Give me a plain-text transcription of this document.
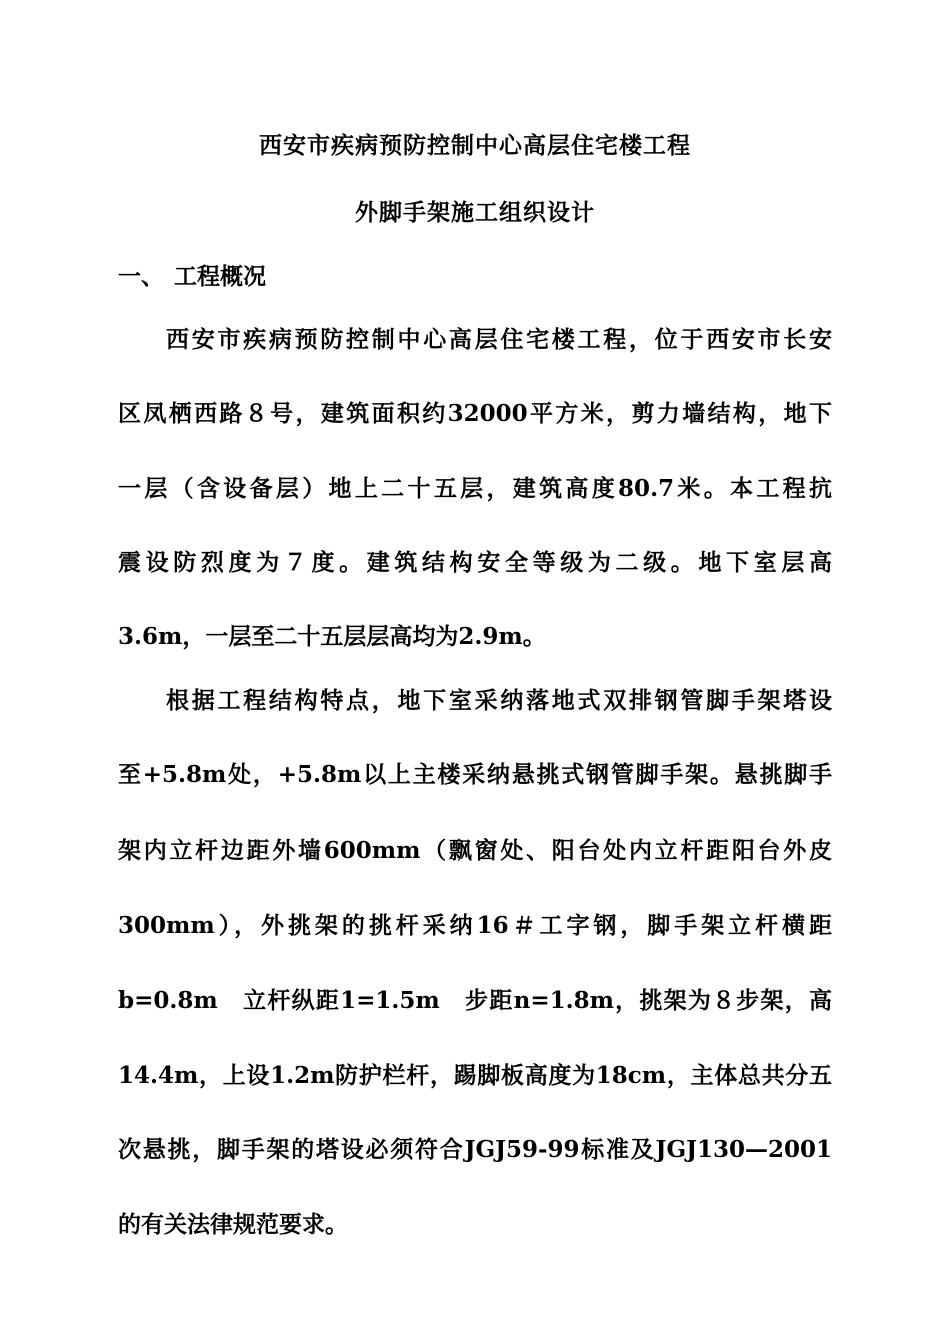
西安市疾病预防控制中心高层住宅楼工程
外脚手架施工组织设计
一、 工程概况
西安市疾病预防控制中心高层住宅楼工程，位于西安市长安
区凤栖西路８号，建筑面积约32000平方米，剪力墙结构，地下
一层（含设备层）地上二十五层，建筑高度80.7米。本工程抗
震设防烈度为７度。建筑结构安全等级为二级。地下室层高
3.6m，一层至二十五层层高均为2.9m。
根据工程结构特点，地下室采纳落地式双排钢管脚手架塔设
至+5.8m处，+5.8m以上主楼采纳悬挑式钢管脚手架。悬挑脚手
架内立杆边距外墙600mm（飘窗处、阳台处内立杆距阳台外皮
300mm），外挑架的挑杆采纳16＃工字钢，脚手架立杆横距
b=0.8m　立杆纵距1=1.5m　步距n=1.8m，挑架为８步架，高
14.4m，上设1.2m防护栏杆，踢脚板高度为18cm，主体总共分五
次悬挑，脚手架的塔设必须符合JGJ59-99标准及JGJ130—2001
的有关法律规范要求。
